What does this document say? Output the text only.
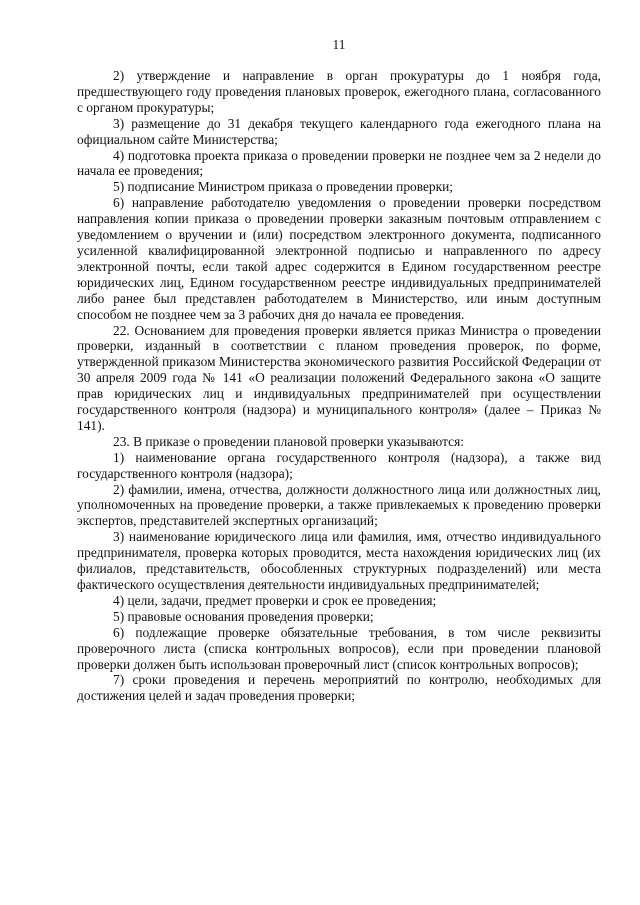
11

2) утверждение и направление в орган прокуратуры до 1 ноября года, предшествующего году проведения плановых проверок, ежегодного плана, согласованного с органом прокуратуры;

3) размещение до 31 декабря текущего календарного года ежегодного плана на официальном сайте Министерства;

4) подготовка проекта приказа о проведении проверки не позднее чем за 2 недели до начала ее проведения;

5) подписание Министром приказа о проведении проверки;

6) направление работодателю уведомления о проведении проверки посредством направления копии приказа о проведении проверки заказным почтовым отправлением с уведомлением о вручении и (или) посредством электронного документа, подписанного усиленной квалифицированной электронной подписью и направленного по адресу электронной почты, если такой адрес содержится в Едином государственном реестре юридических лиц, Едином государственном реестре индивидуальных предпринимателей либо ранее был представлен работодателем в Министерство, или иным доступным способом не позднее чем за 3 рабочих дня до начала ее проведения.

22. Основанием для проведения проверки является приказ Министра о проведении проверки, изданный в соответствии с планом проведения проверок, по форме, утвержденной приказом Министерства экономического развития Российской Федерации от 30 апреля 2009 года № 141 «О реализации положений Федерального закона «О защите прав юридических лиц и индивидуальных предпринимателей при осуществлении государственного контроля (надзора) и муниципального контроля» (далее – Приказ № 141).

23. В приказе о проведении плановой проверки указываются:

1) наименование органа государственного контроля (надзора), а также вид государственного контроля (надзора);

2) фамилии, имена, отчества, должности должностного лица или должностных лиц, уполномоченных на проведение проверки, а также привлекаемых к проведению проверки экспертов, представителей экспертных организаций;

3) наименование юридического лица или фамилия, имя, отчество индивидуального предпринимателя, проверка которых проводится, места нахождения юридических лиц (их филиалов, представительств, обособленных структурных подразделений) или места фактического осуществления деятельности индивидуальных предпринимателей;

4) цели, задачи, предмет проверки и срок ее проведения;

5) правовые основания проведения проверки;

6) подлежащие проверке обязательные требования, в том числе реквизиты проверочного листа (списка контрольных вопросов), если при проведении плановой проверки должен быть использован проверочный лист (список контрольных вопросов);

7) сроки проведения и перечень мероприятий по контролю, необходимых для достижения целей и задач проведения проверки;
